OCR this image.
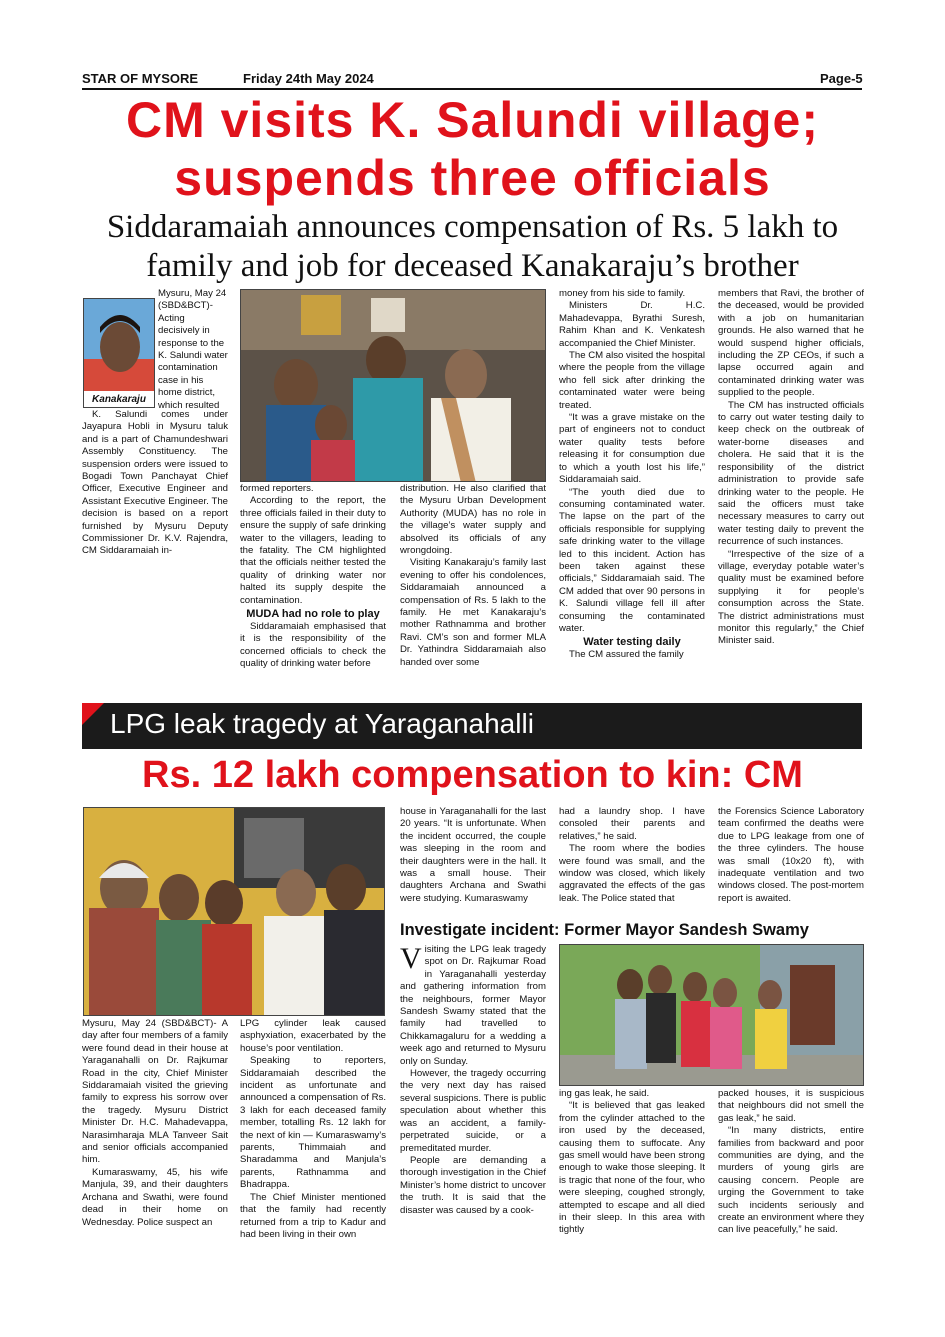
STAR OF MYSORE	Friday 24th May 2024	Page-5
CM visits K. Salundi village;
suspends three officials
Siddaramaiah announces compensation of Rs. 5 lakh to
family and job for deceased Kanakaraju’s brother
Kanakaraju

Mysuru, May 24 (SBD&BCT)- Acting decisively in response to the K. Salundi water contamination case in his home district, which resulted

K. Salundi comes under Jayapura Hobli in Mysuru taluk and is a part of Chamundeshwari Assembly Constituency. The suspension orders were issued to Bogadi Town Panchayat Chief Officer, Executive Engineer and Assistant Executive Engineer. The decision is based on a report furnished by Mysuru Deputy Commissioner Dr. K.V. Rajendra, CM Siddaramaiah in-

formed reporters.

According to the report, the three officials failed in their duty to ensure the supply of safe drinking water to the villagers, leading to the fatality. The CM highlighted that the officials neither tested the quality of drinking water nor halted its supply despite the contamination.

MUDA had no role to play

Siddaramaiah emphasised that it is the responsibility of the concerned officials to check the quality of drinking water before

distribution. He also clarified that the Mysuru Urban Development Authority (MUDA) has no role in the village’s water supply and absolved its officials of any wrongdoing.

Visiting Kanakaraju’s family last evening to offer his condolences, Siddaramaiah announced a compensation of Rs. 5 lakh to the family. He met Kanakaraju’s mother Rathnamma and brother Ravi. CM’s son and former MLA Dr. Yathindra Siddaramaiah also handed over some

money from his side to family.

Ministers Dr. H.C. Mahadevappa, Byrathi Suresh, Rahim Khan and K. Venkatesh accompanied the Chief Minister.

The CM also visited the hospital where the people from the village who fell sick after drinking the contaminated water were being treated.

“It was a grave mistake on the part of engineers not to conduct water quality tests before releasing it for consumption due to which a youth lost his life,” Siddaramaiah said.

“The youth died due to consuming contaminated water. The lapse on the part of the officials responsible for supplying safe drinking water to the village led to this incident. Action has been taken against these officials,” Siddaramaiah said. The CM added that over 90 persons in K. Salundi village fell ill after consuming the contaminated water.

Water testing daily

The CM assured the family

members that Ravi, the brother of the deceased, would be provided with a job on humanitarian grounds. He also warned that he would suspend higher officials, including the ZP CEOs, if such a lapse occurred again and contaminated drinking water was supplied to the people.

The CM has instructed officials to carry out water testing daily to keep check on the outbreak of water-borne diseases and cholera. He said that it is the responsibility of the district administration to provide safe drinking water to the people. He said the officers must take necessary measures to carry out water testing daily to prevent the recurrence of such instances.

“Irrespective of the size of a village, everyday potable water’s quality must be examined before supplying it for people’s consumption across the State. The district administrations must monitor this regularly,” the Chief Minister said.

LPG leak tragedy at Yaraganahalli
Rs. 12 lakh compensation to kin: CM

Mysuru, May 24 (SBD&BCT)- A day after four members of a family were found dead in their house at Yaraganahalli on Dr. Rajkumar Road in the city, Chief Minister Siddaramaiah visited the grieving family to express his sorrow over the tragedy. Mysuru District Minister Dr. H.C. Mahadevappa, Narasimharaja MLA Tanveer Sait and senior officials accompanied him.

Kumaraswamy, 45, his wife Manjula, 39, and their daughters Archana and Swathi, were found dead in their home on Wednesday. Police suspect an

LPG cylinder leak caused asphyxiation, exacerbated by the house’s poor ventilation.

Speaking to reporters, Siddaramaiah described the incident as unfortunate and announced a compensation of Rs. 3 lakh for each deceased family member, totalling Rs. 12 lakh for the next of kin — Kumaraswamy’s parents, Thimmaiah and Sharadamma and Manjula’s parents, Rathnamma and Bhadrappa.

The Chief Minister mentioned that the family had recently returned from a trip to Kadur and had been living in their own

house in Yaraganahalli for the last 20 years. “It is unfortunate. When the incident occurred, the couple was sleeping in the room and their daughters were in the hall. It was a small house. Their daughters Archana and Swathi were studying. Kumaraswamy

had a laundry shop. I have consoled their parents and relatives,” he said.

The room where the bodies were found was small, and the window was closed, which likely aggravated the effects of the gas leak. The Police stated that

the Forensics Science Laboratory team confirmed the deaths were due to LPG leakage from one of the three cylinders. The house was small (10x20 ft), with inadequate ventilation and two windows closed. The post-mortem report is awaited.

Investigate incident: Former Mayor Sandesh Swamy

Visiting the LPG leak tragedy spot on Dr. Rajkumar Road in Yaraganahalli yesterday and gathering information from the neighbours, former Mayor Sandesh Swamy stated that the family had travelled to Chikkamagaluru for a wedding a week ago and returned to Mysuru only on Sunday.

However, the tragedy occurring the very next day has raised several suspicions. There is public speculation about whether this was an accident, a family-perpetrated suicide, or a premeditated murder.

People are demanding a thorough investigation in the Chief Minister’s home district to uncover the truth. It is said that the disaster was caused by a cook-

ing gas leak, he said.

“It is believed that gas leaked from the cylinder attached to the iron used by the deceased, causing them to suffocate. Any gas smell would have been strong enough to wake those sleeping. It is tragic that none of the four, who were sleeping, coughed strongly, attempted to escape and all died in their sleep. In this area with tightly

packed houses, it is suspicious that neighbours did not smell the gas leak,” he said.

“In many districts, entire families from backward and poor communities are dying, and the murders of young girls are causing concern. People are urging the Government to take such incidents seriously and create an environment where they can live peacefully,” he said.
